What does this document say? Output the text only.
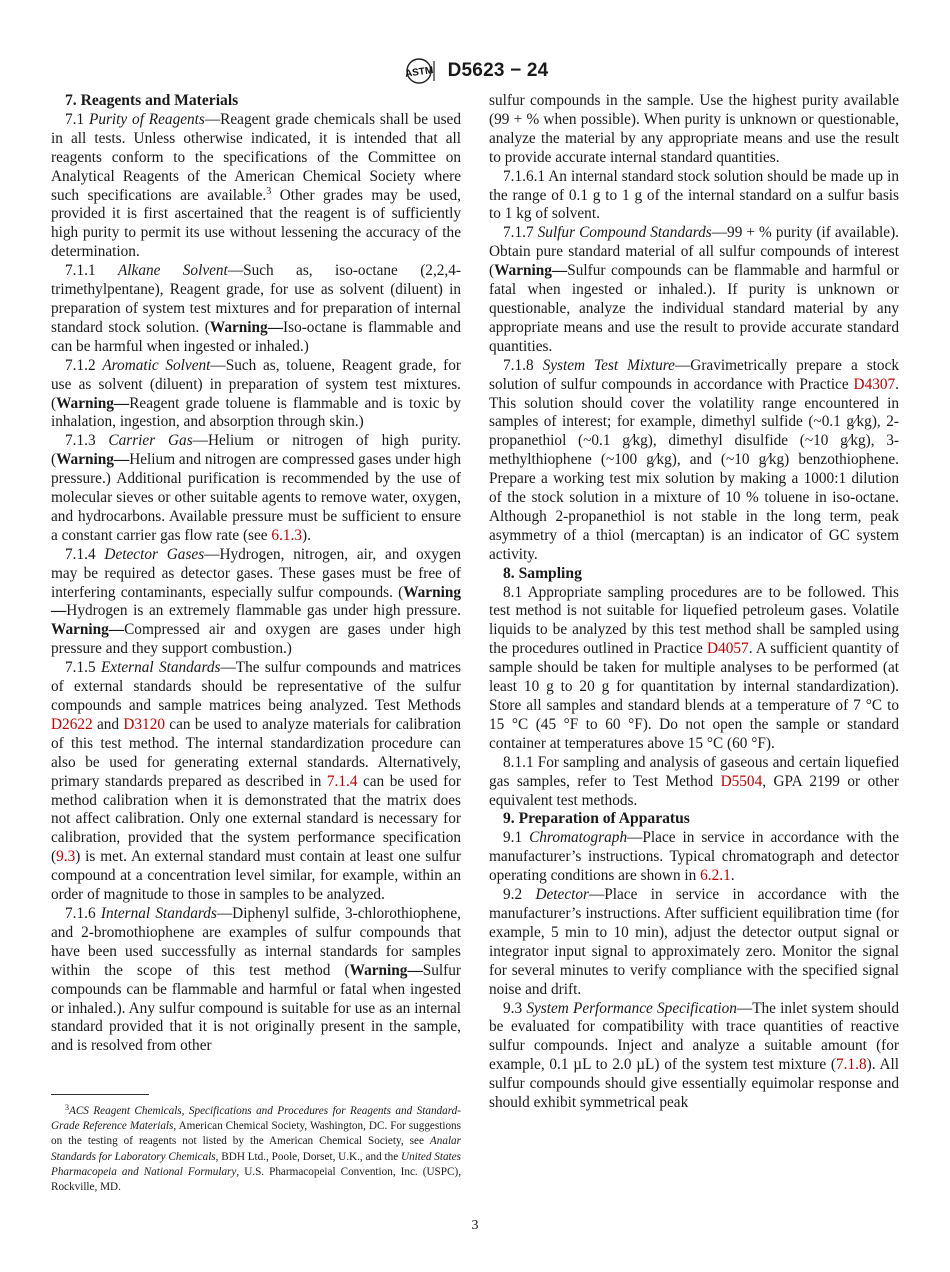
ASTM D5623 − 24

7. Reagents and Materials

7.1 Purity of Reagents—Reagent grade chemicals shall be used in all tests. Unless otherwise indicated, it is intended that all reagents conform to the specifications of the Committee on Analytical Reagents of the American Chemical Society where such specifications are available.$^3$ Other grades may be used, provided it is first ascertained that the reagent is of sufficiently high purity to permit its use without lessening the accuracy of the determination.

7.1.1 Alkane Solvent—Such as, iso-octane (2,2,4-trimethylpentane), Reagent grade, for use as solvent (diluent) in preparation of system test mixtures and for preparation of internal standard stock solution. (Warning—Iso-octane is flammable and can be harmful when ingested or inhaled.)

7.1.2 Aromatic Solvent—Such as, toluene, Reagent grade, for use as solvent (diluent) in preparation of system test mixtures. (Warning—Reagent grade toluene is flammable and is toxic by inhalation, ingestion, and absorption through skin.)

7.1.3 Carrier Gas—Helium or nitrogen of high purity. (Warning—Helium and nitrogen are compressed gases under high pressure.) Additional purification is recommended by the use of molecular sieves or other suitable agents to remove water, oxygen, and hydrocarbons. Available pressure must be sufficient to ensure a constant carrier gas flow rate (see 6.1.3).

7.1.4 Detector Gases—Hydrogen, nitrogen, air, and oxygen may be required as detector gases. These gases must be free of interfering contaminants, especially sulfur compounds. (Warning—Hydrogen is an extremely flammable gas under high pressure. Warning—Compressed air and oxygen are gases under high pressure and they support combustion.)

7.1.5 External Standards—The sulfur compounds and matrices of external standards should be representative of the sulfur compounds and sample matrices being analyzed. Test Methods D2622 and D3120 can be used to analyze materials for calibration of this test method. The internal standardization procedure can also be used for generating external standards. Alternatively, primary standards prepared as described in 7.1.4 can be used for method calibration when it is demonstrated that the matrix does not affect calibration. Only one external standard is necessary for calibration, provided that the system performance specification (9.3) is met. An external standard must contain at least one sulfur compound at a concentration level similar, for example, within an order of magnitude to those in samples to be analyzed.

7.1.6 Internal Standards—Diphenyl sulfide, 3-chlorothiophene, and 2-bromothiophene are examples of sulfur compounds that have been used successfully as internal standards for samples within the scope of this test method (Warning—Sulfur compounds can be flammable and harmful or fatal when ingested or inhaled.). Any sulfur compound is suitable for use as an internal standard provided that it is not originally present in the sample, and is resolved from other

$^3$ACS Reagent Chemicals, Specifications and Procedures for Reagents and Standard-Grade Reference Materials, American Chemical Society, Washington, DC. For suggestions on the testing of reagents not listed by the American Chemical Society, see Analar Standards for Laboratory Chemicals, BDH Ltd., Poole, Dorset, U.K., and the United States Pharmacopeia and National Formulary, U.S. Pharmacopeial Convention, Inc. (USPC), Rockville, MD.

sulfur compounds in the sample. Use the highest purity available (99 + % when possible). When purity is unknown or questionable, analyze the material by any appropriate means and use the result to provide accurate internal standard quantities.

7.1.6.1 An internal standard stock solution should be made up in the range of 0.1 g to 1 g of the internal standard on a sulfur basis to 1 kg of solvent.

7.1.7 Sulfur Compound Standards—99 + % purity (if available). Obtain pure standard material of all sulfur compounds of interest (Warning—Sulfur compounds can be flammable and harmful or fatal when ingested or inhaled.). If purity is unknown or questionable, analyze the individual standard material by any appropriate means and use the result to provide accurate standard quantities.

7.1.8 System Test Mixture—Gravimetrically prepare a stock solution of sulfur compounds in accordance with Practice D4307. This solution should cover the volatility range encountered in samples of interest; for example, dimethyl sulfide (~0.1 g⁄kg), 2-propanethiol (~0.1 g⁄kg), dimethyl disulfide (~10 g⁄kg), 3-methylthiophene (~100 g⁄kg), and (~10 g⁄kg) benzothiophene. Prepare a working test mix solution by making a 1000:1 dilution of the stock solution in a mixture of 10 % toluene in iso-octane. Although 2-propanethiol is not stable in the long term, peak asymmetry of a thiol (mercaptan) is an indicator of GC system activity.

8. Sampling

8.1 Appropriate sampling procedures are to be followed. This test method is not suitable for liquefied petroleum gases. Volatile liquids to be analyzed by this test method shall be sampled using the procedures outlined in Practice D4057. A sufficient quantity of sample should be taken for multiple analyses to be performed (at least 10 g to 20 g for quantitation by internal standardization). Store all samples and standard blends at a temperature of 7 °C to 15 °C (45 °F to 60 °F). Do not open the sample or standard container at temperatures above 15 °C (60 °F).

8.1.1 For sampling and analysis of gaseous and certain liquefied gas samples, refer to Test Method D5504, GPA 2199 or other equivalent test methods.

9. Preparation of Apparatus

9.1 Chromatograph—Place in service in accordance with the manufacturer’s instructions. Typical chromatograph and detector operating conditions are shown in 6.2.1.

9.2 Detector—Place in service in accordance with the manufacturer’s instructions. After sufficient equilibration time (for example, 5 min to 10 min), adjust the detector output signal or integrator input signal to approximately zero. Monitor the signal for several minutes to verify compliance with the specified signal noise and drift.

9.3 System Performance Specification—The inlet system should be evaluated for compatibility with trace quantities of reactive sulfur compounds. Inject and analyze a suitable amount (for example, 0.1 µL to 2.0 µL) of the system test mixture (7.1.8). All sulfur compounds should give essentially equimolar response and should exhibit symmetrical peak

3
